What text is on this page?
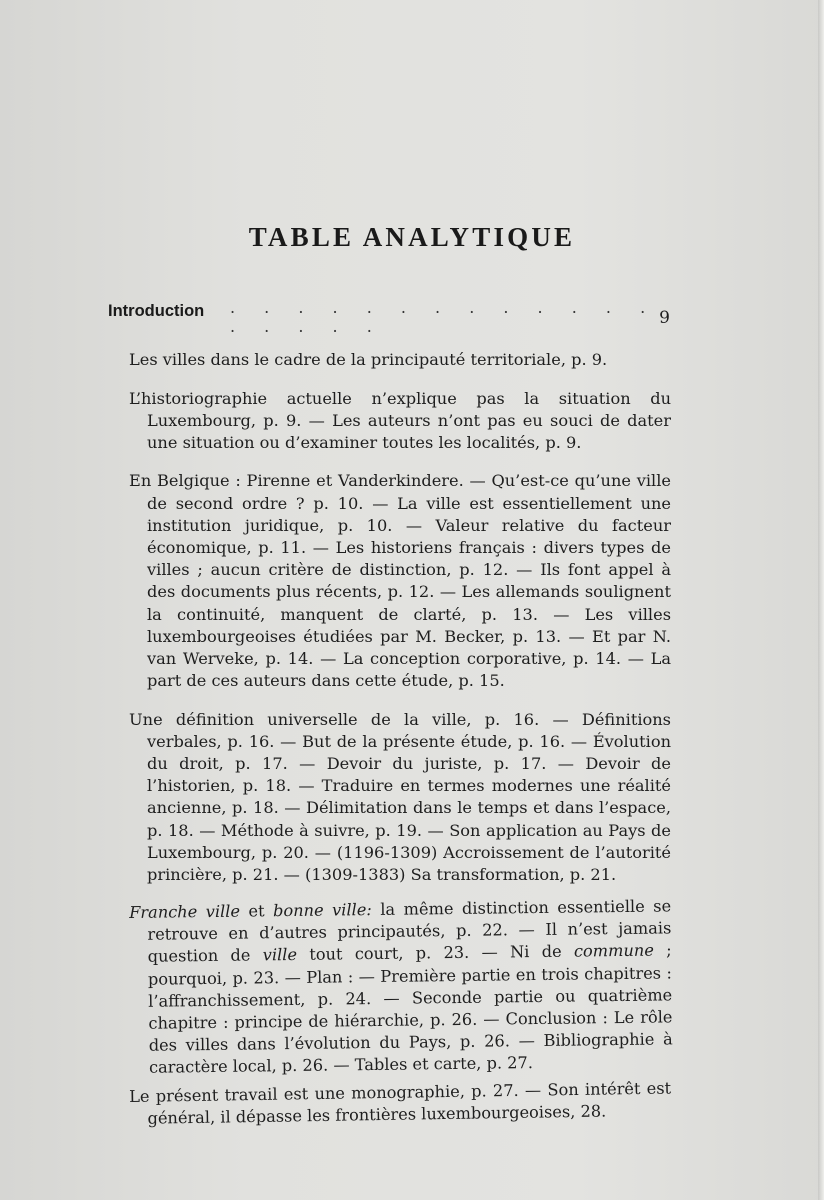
TABLE ANALYTIQUE
Introduction . . . . . . . . . . . . . . . . . .	9

Les villes dans le cadre de la principauté territoriale, p. 9.

L’historiographie actuelle n’explique pas la situation du Luxembourg, p. 9. — Les auteurs n’ont pas eu souci de dater une situation ou d’examiner toutes les localités, p. 9.

En Belgique : Pirenne et Vanderkindere. — Qu’est-ce qu’une ville de second ordre ? p. 10. — La ville est essentiellement une institution juridique, p. 10. — Valeur relative du facteur économique, p. 11. — Les historiens français : divers types de villes ; aucun critère de distinction, p. 12. — Ils font appel à des documents plus récents, p. 12. — Les allemands soulignent la continuité, manquent de clarté, p. 13. — Les villes luxembourgeoises étudiées par M. Becker, p. 13. — Et par N. van Werveke, p. 14. — La conception corporative, p. 14. — La part de ces auteurs dans cette étude, p. 15.

Une définition universelle de la ville, p. 16. — Définitions verbales, p. 16. — But de la présente étude, p. 16. — Évolution du droit, p. 17. — Devoir du juriste, p. 17. — Devoir de l’historien, p. 18. — Traduire en termes modernes une réalité ancienne, p. 18. — Délimitation dans le temps et dans l’espace, p. 18. — Méthode à suivre, p. 19. — Son application au Pays de Luxembourg, p. 20. — (1196-1309) Accroissement de l’autorité princière, p. 21. — (1309-1383) Sa transformation, p. 21.

Franche ville et bonne ville: la même distinction essentielle se retrouve en d’autres principautés, p. 22. — Il n’est jamais question de ville tout court, p. 23. — Ni de commune ; pourquoi, p. 23. — Plan : — Première partie en trois chapitres : l’affranchissement, p. 24. — Seconde partie ou quatrième chapitre : principe de hiérarchie, p. 26. — Conclusion : Le rôle des villes dans l’évolution du Pays, p. 26. — Bibliographie à caractère local, p. 26. — Tables et carte, p. 27.

Le présent travail est une monographie, p. 27. — Son intérêt est général, il dépasse les frontières luxembourgeoises, 28.
